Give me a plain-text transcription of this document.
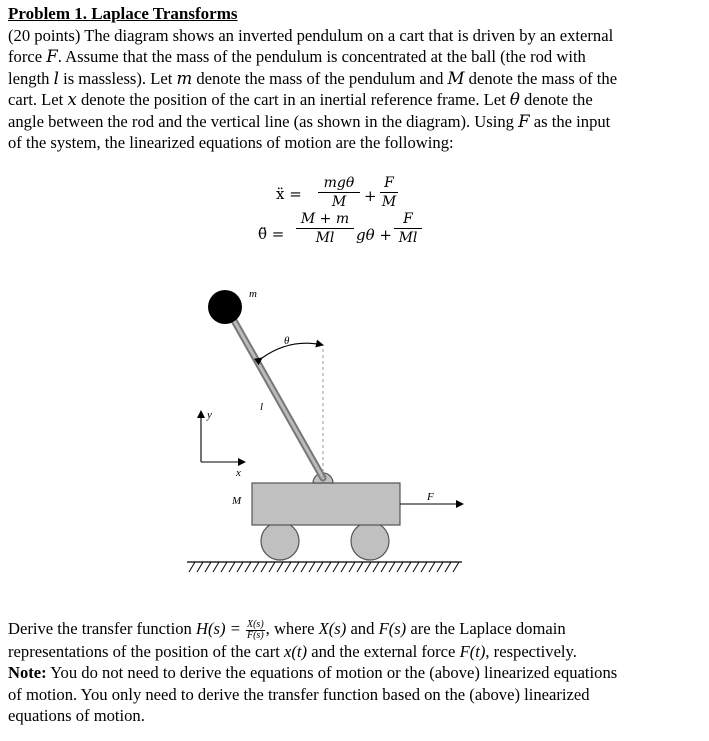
Problem 1. Laplace Transforms
(20 points) The diagram shows an inverted pendulum on a cart that is driven by an external
force F. Assume that the mass of the pendulum is concentrated at the ball (the rod with
length l is massless). Let m denote the mass of the pendulum and M denote the mass of the
cart. Let x denote the position of the cart in an inertial reference frame. Let θ denote the
angle between the rod and the vertical line (as shown in the diagram). Using F as the input
of the system, the linearized equations of motion are the following:
ẍ =
mgθ
M	+
F
M
θ̈ =
M + m
Ml	gθ +
F
Ml
m
θ
l
y
x
M	F
Derive the transfer function $H(s) = \frac{X(s)}{F(s)}$ , where X(s) and F(s) are the Laplace domain
representations of the position of the cart x(t) and the external force F(t), respectively.
Note: You do not need to derive the equations of motion or the (above) linearized equations
of motion. You only need to derive the transfer function based on the (above) linearized
equations of motion.
